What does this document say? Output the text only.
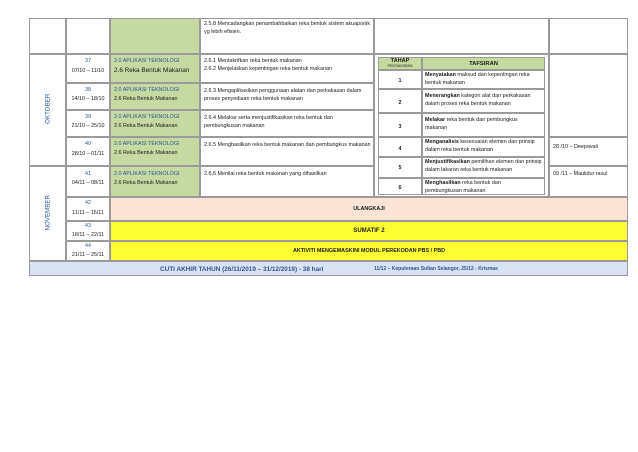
2.5.8 Mencadangkan penambahbaikan reka bentuk sistem akuaponik yg lebih efisien.
OKTOBER
NOVEMBER
37
07/10 – 11/10
2.0 APLIKASI TEKNOLOGI
2.6 Reka Bentuk Makanan
2.6.1 Mentakrifkan reka bentuk makanan
2.6.2 Menjelaskan kepentingan reka bentuk makanan
38
14/10 – 18/10
2.0 APLIKASI TEKNOLOGI
2.6 Reka Bentuk Makanan
2.6.3 Mengaplikasikan penggunaan alatan dan perkakasan dalam proses penyediaan reka bentuk makanan
39
21/10 – 25/10
2.0 APLIKASI TEKNOLOGI
2.6 Reka Bentuk Makanan
2.6.4 Melakar serta menjustifikasikan reka bentuk dan pembungkusan makanan
40
28/10 – 01/11
2.0 APLIKASI TEKNOLOGI
2.6 Reka Bentuk Makanan
2.6.5 Menghasilkan reka bentuk makanan dan pembungkus makanan
41
04/11 – 08/11
2.0 APLIKASI TEKNOLOGI
2.6 Reka Bentuk Makanan
2.6.6 Menilai reka bentuk makanan yang dihasilkan
TAHAP
PENTAKSIRAN	TAFSIRAN
1
Menyatakan maksud dan kepentingan reka bentuk makanan
2
Menerangkan kategori alat dan perkakasan dalam proses reka bentuk makanan
3
Melakar reka bentuk dan pembungkus makanan
4
Menganalisis kesesuaian elemen dan prinsip dalam reka bentuk makanan
5
Menjustifikasikan pemilihan elemen dan prinsip dalam lakaran reka bentuk makanan
6
Menghasilkan reka bentuk dan pembungkusan makanan
28 /10 – Deepavali
09 /11 – Maulidur rasul
42
11/11 – 15/11
ULANGKAJI
43
18/11 – 22/11
SUMATIF 2
44
21/11 – 25/11
AKTIVITI MENGEMASKINI MODUL PEREKODAN PBS / PBD
CUTI AKHIR TAHUN (26/11/2019 – 31/12/2019) - 38 hari	11/12 – Keputeraan Sultan Selangor, 25/12 - Krismas
